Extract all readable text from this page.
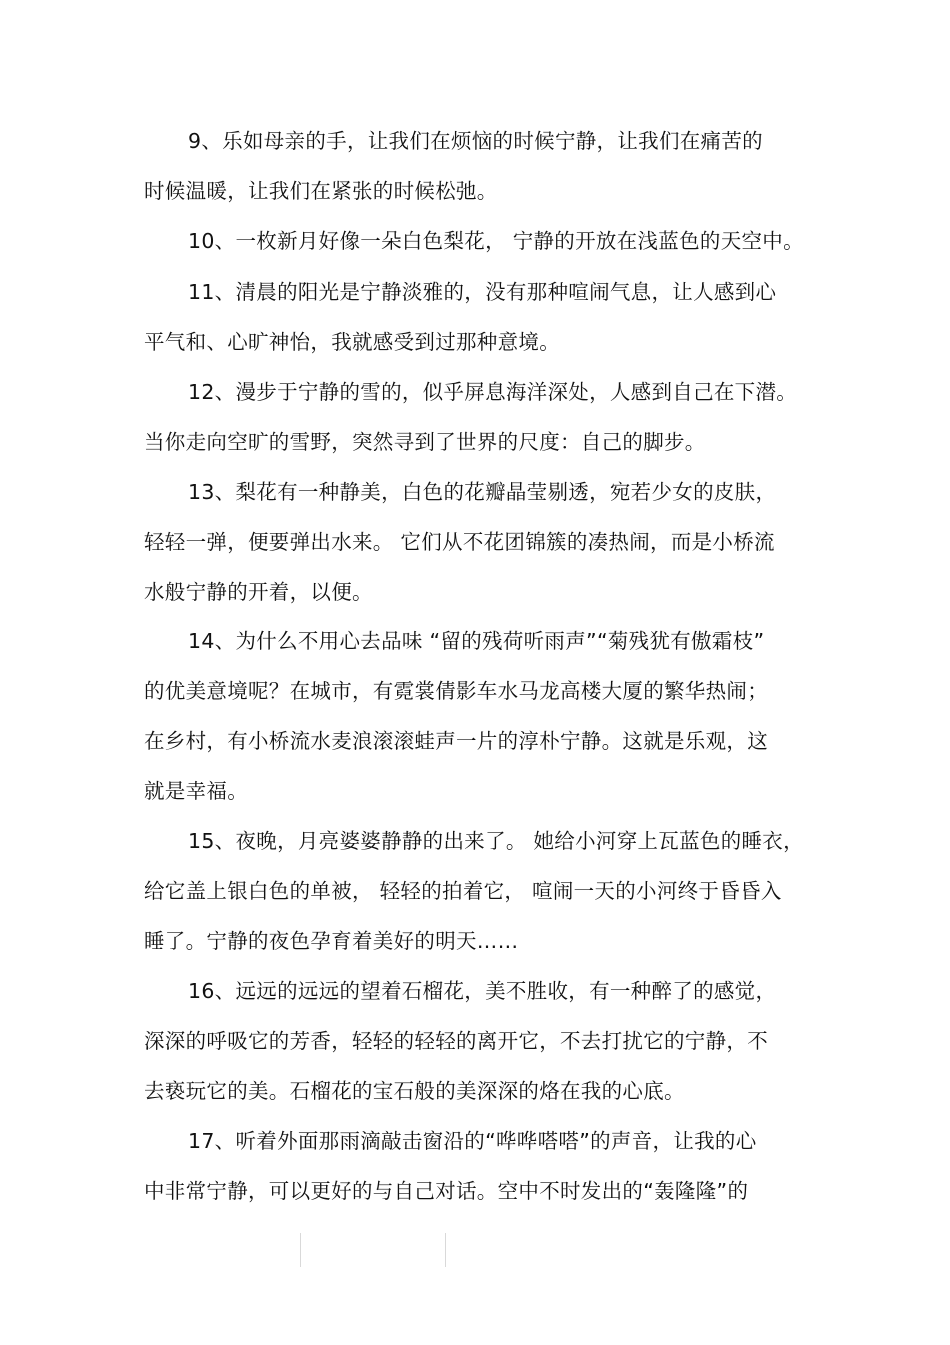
9、乐如母亲的手，让我们在烦恼的时候宁静，让我们在痛苦的
时候温暖，让我们在紧张的时候松弛。
10、一枚新月好像一朵白色梨花， 宁静的开放在浅蓝色的天空中。
11、清晨的阳光是宁静淡雅的，没有那种喧闹气息，让人感到心
平气和、心旷神怡，我就感受到过那种意境。
12、漫步于宁静的雪的，似乎屏息海洋深处，人感到自己在下潜。
当你走向空旷的雪野，突然寻到了世界的尺度：自己的脚步。
13、梨花有一种静美，白色的花瓣晶莹剔透，宛若少女的皮肤，
轻轻一弹，便要弹出水来。 它们从不花团锦簇的凑热闹，而是小桥流
水般宁静的开着，以便。
14、为什么不用心去品味 “留的残荷听雨声”“菊残犹有傲霜枝”
的优美意境呢？在城市，有霓裳倩影车水马龙高楼大厦的繁华热闹；
在乡村，有小桥流水麦浪滚滚蛙声一片的淳朴宁静。这就是乐观，这
就是幸福。
15、夜晚，月亮婆婆静静的出来了。 她给小河穿上瓦蓝色的睡衣，
给它盖上银白色的单被， 轻轻的拍着它， 喧闹一天的小河终于昏昏入
睡了。宁静的夜色孕育着美好的明天……
16、远远的远远的望着石榴花，美不胜收，有一种醉了的感觉，
深深的呼吸它的芳香，轻轻的轻轻的离开它，不去打扰它的宁静，不
去亵玩它的美。石榴花的宝石般的美深深的烙在我的心底。
17、听着外面那雨滴敲击窗沿的“哗哗嗒嗒”的声音，让我的心
中非常宁静，可以更好的与自己对话。空中不时发出的“轰隆隆”的
